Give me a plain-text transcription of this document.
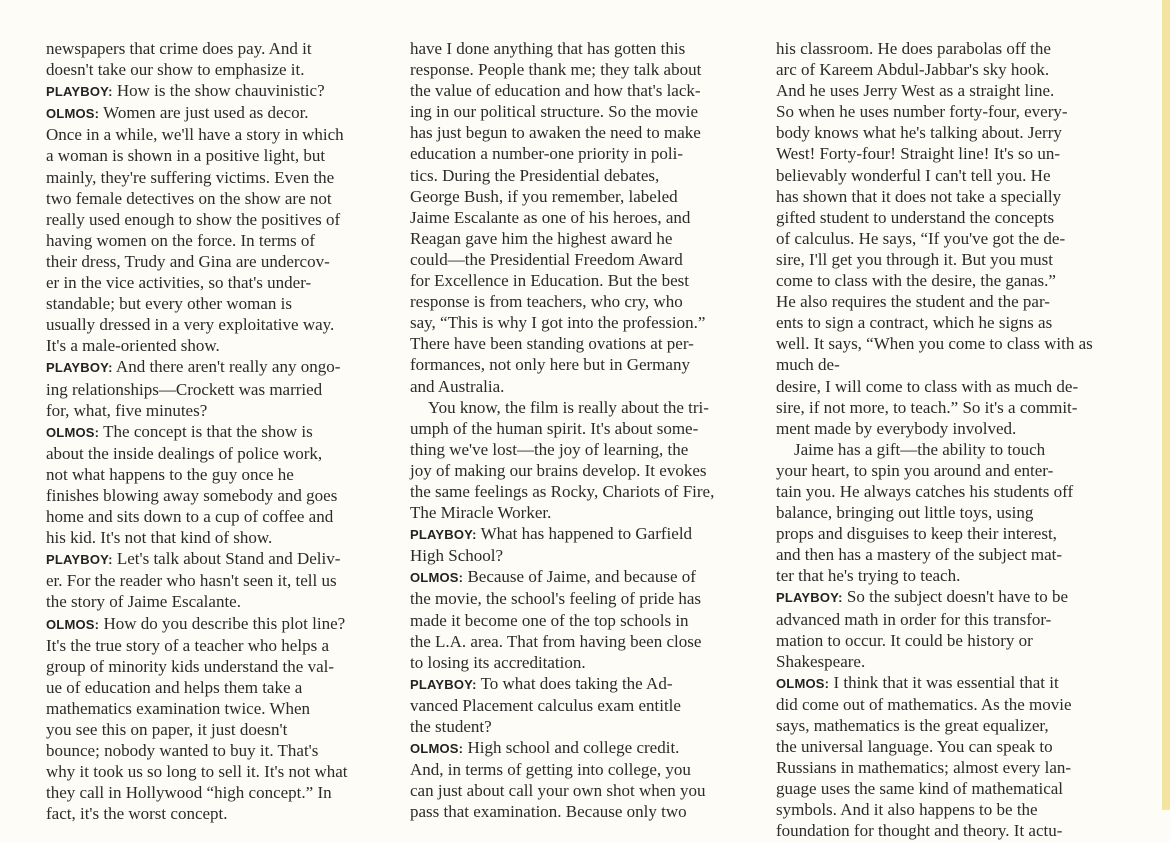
newspapers that crime does pay. And it
doesn't take our show to emphasize it.
PLAYBOY: How is the show chauvinistic?
OLMOS: Women are just used as decor.
Once in a while, we'll have a story in which
a woman is shown in a positive light, but
mainly, they're suffering victims. Even the
two female detectives on the show are not
really used enough to show the positives of
having women on the force. In terms of
their dress, Trudy and Gina are undercov-
er in the vice activities, so that's under-
standable; but every other woman is
usually dressed in a very exploitative way.
It's a male-oriented show.
PLAYBOY: And there aren't really any ongo-
ing relationships—Crockett was married
for, what, five minutes?
OLMOS: The concept is that the show is
about the inside dealings of police work,
not what happens to the guy once he
finishes blowing away somebody and goes
home and sits down to a cup of coffee and
his kid. It's not that kind of show.
PLAYBOY: Let's talk about Stand and Deliv-
er. For the reader who hasn't seen it, tell us
the story of Jaime Escalante.
OLMOS: How do you describe this plot line?
It's the true story of a teacher who helps a
group of minority kids understand the val-
ue of education and helps them take a
mathematics examination twice. When
you see this on paper, it just doesn't
bounce; nobody wanted to buy it. That's
why it took us so long to sell it. It's not what
they call in Hollywood “high concept.” In
fact, it's the worst concept.
have I done anything that has gotten this
response. People thank me; they talk about
the value of education and how that's lack-
ing in our political structure. So the movie
has just begun to awaken the need to make
education a number-one priority in poli-
tics. During the Presidential debates,
George Bush, if you remember, labeled
Jaime Escalante as one of his heroes, and
Reagan gave him the highest award he
could—the Presidential Freedom Award
for Excellence in Education. But the best
response is from teachers, who cry, who
say, “This is why I got into the profession.”
There have been standing ovations at per-
formances, not only here but in Germany
and Australia.
You know, the film is really about the tri-
umph of the human spirit. It's about some-
thing we've lost—the joy of learning, the
joy of making our brains develop. It evokes
the same feelings as Rocky, Chariots of Fire,
The Miracle Worker.
PLAYBOY: What has happened to Garfield
High School?
OLMOS: Because of Jaime, and because of
the movie, the school's feeling of pride has
made it become one of the top schools in
the L.A. area. That from having been close
to losing its accreditation.
PLAYBOY: To what does taking the Ad-
vanced Placement calculus exam entitle
the student?
OLMOS: High school and college credit.
And, in terms of getting into college, you
can just about call your own shot when you
pass that examination. Because only two
his classroom. He does parabolas off the
arc of Kareem Abdul-Jabbar's sky hook.
And he uses Jerry West as a straight line.
So when he uses number forty-four, every-
body knows what he's talking about. Jerry
West! Forty-four! Straight line! It's so un-
believably wonderful I can't tell you. He
has shown that it does not take a specially
gifted student to understand the concepts
of calculus. He says, “If you've got the de-
sire, I'll get you through it. But you must
come to class with the desire, the ganas.”
He also requires the student and the par-
ents to sign a contract, which he signs as
well. It says, “When you come to class with as much de-
desire, I will come to class with as much de-
sire, if not more, to teach.” So it's a commit-
ment made by everybody involved.
Jaime has a gift—the ability to touch
your heart, to spin you around and enter-
tain you. He always catches his students off
balance, bringing out little toys, using
props and disguises to keep their interest,
and then has a mastery of the subject mat-
ter that he's trying to teach.
PLAYBOY: So the subject doesn't have to be
advanced math in order for this transfor-
mation to occur. It could be history or
Shakespeare.
OLMOS: I think that it was essential that it
did come out of mathematics. As the movie
says, mathematics is the great equalizer,
the universal language. You can speak to
Russians in mathematics; almost every lan-
guage uses the same kind of mathematical
symbols. And it also happens to be the
foundation for thought and theory. It actu-
